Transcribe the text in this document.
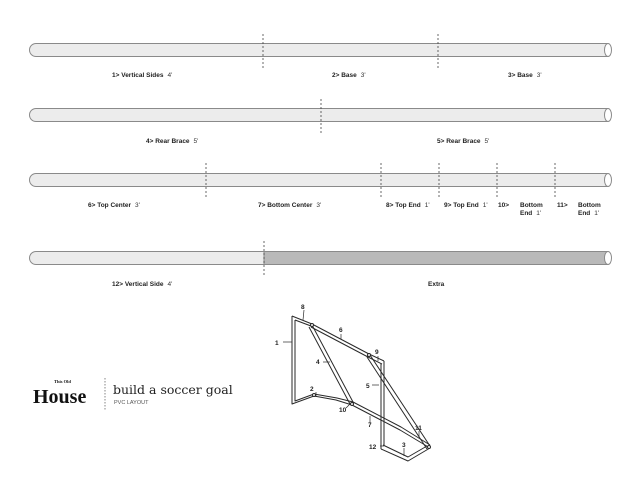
1> Vertical Sides 4'	2> Base 3'	3> Base 3'
4> Rear Brace 5'	5> Rear Brace 5'
6> Top Center 3'	7> Bottom Center 3'	8> Top End 1' 9> Top End 1' 10> Bottom
End 1'
11> Bottom
End 1'
12> Vertical Side 4'	Extra
This Old
House build a soccer goal
PVC LAYOUT
1
2
3
4
5
6
7
8
9
10
11
12
